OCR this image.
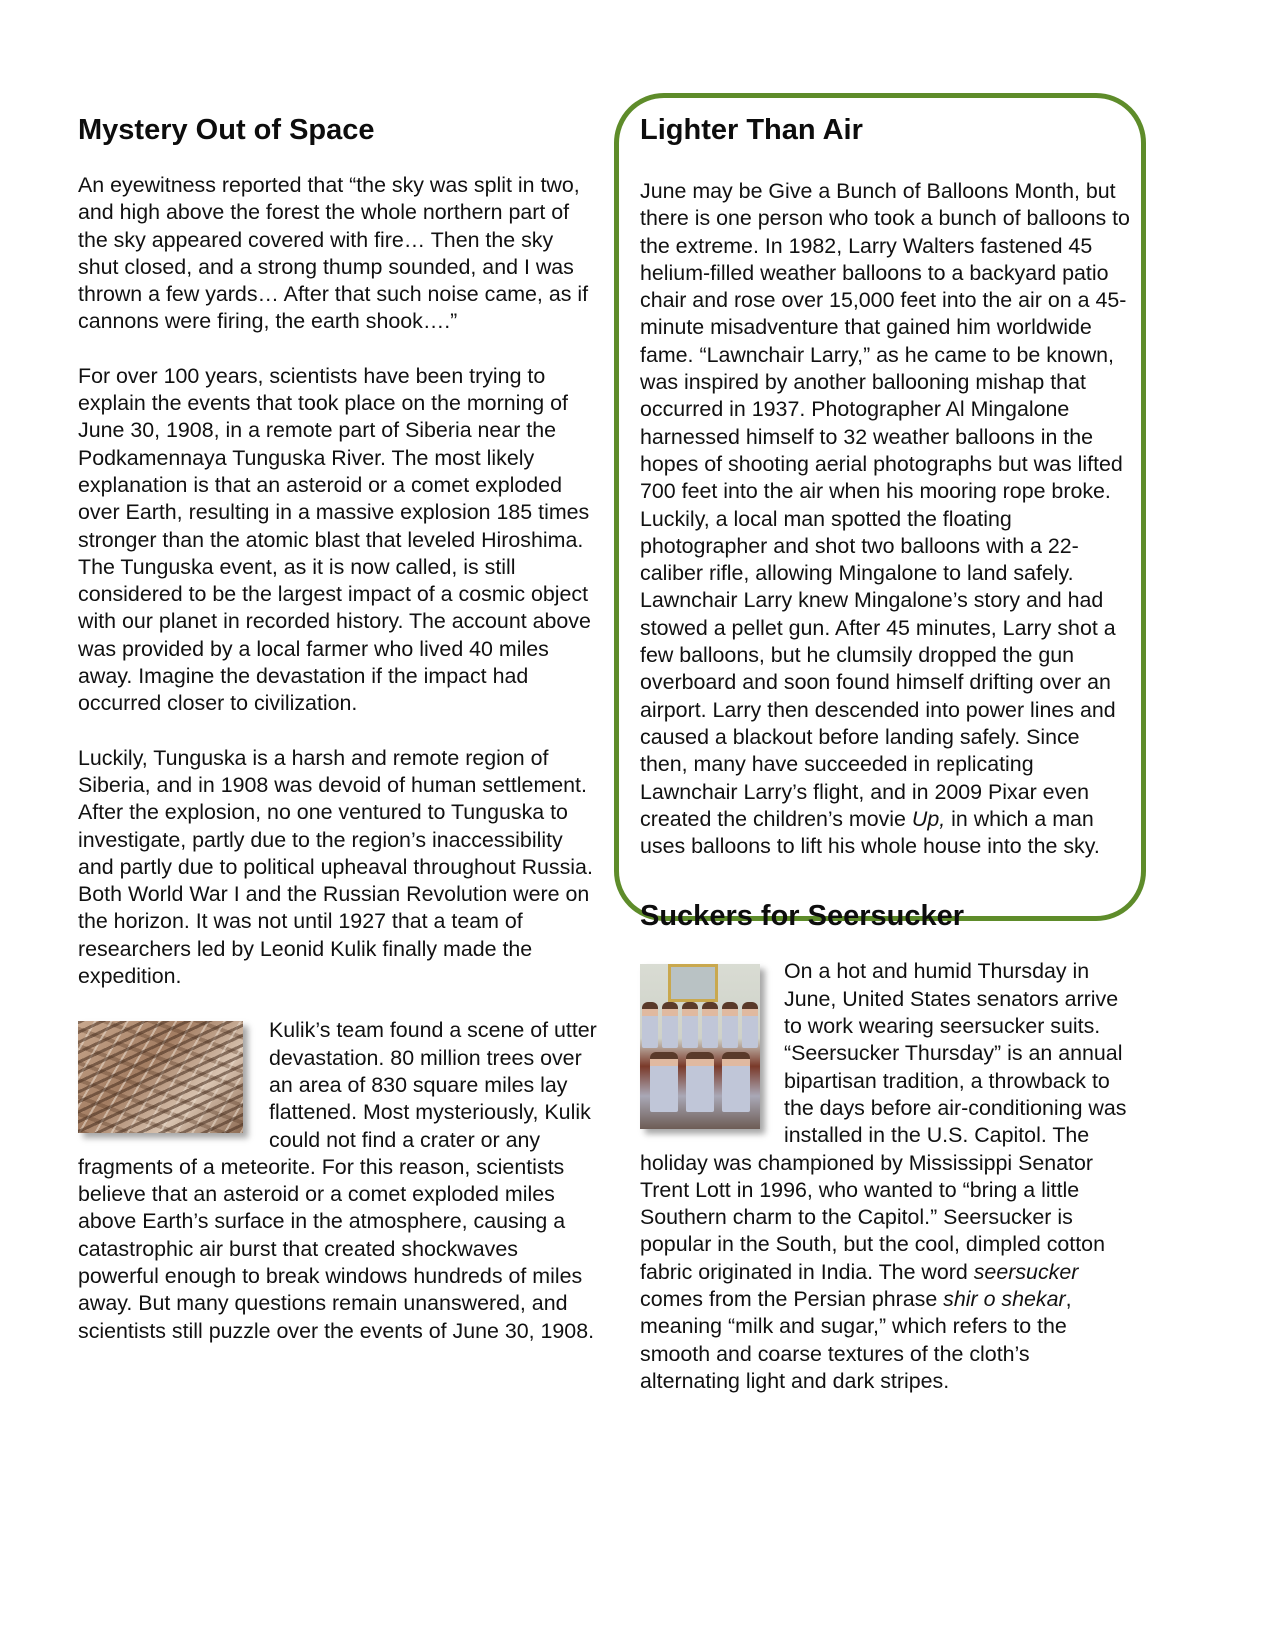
Mystery Out of Space

An eyewitness reported that “the sky was split in two, and high above the forest the whole northern part of the sky appeared covered with fire… Then the sky shut closed, and a strong thump sounded, and I was thrown a few yards… After that such noise came, as if cannons were firing, the earth shook….”

For over 100 years, scientists have been trying to explain the events that took place on the morning of June 30, 1908, in a remote part of Siberia near the Podkamennaya Tunguska River. The most likely explanation is that an asteroid or a comet exploded over Earth, resulting in a massive explosion 185 times stronger than the atomic blast that leveled Hiroshima. The Tunguska event, as it is now called, is still considered to be the largest impact of a cosmic object with our planet in recorded history. The account above was provided by a local farmer who lived 40 miles away. Imagine the devastation if the impact had occurred closer to civilization.

Luckily, Tunguska is a harsh and remote region of Siberia, and in 1908 was devoid of human settlement. After the explosion, no one ventured to Tunguska to investigate, partly due to the region’s inaccessibility and partly due to political upheaval throughout Russia. Both World War I and the Russian Revolution were on the horizon. It was not until 1927 that a team of researchers led by Leonid Kulik finally made the expedition.

Kulik’s team found a scene of utter devastation. 80 million trees over an area of 830 square miles lay flattened. Most mysteriously, Kulik could not find a crater or any fragments of a meteorite. For this reason, scientists believe that an asteroid or a comet exploded miles above Earth’s surface in the atmosphere, causing a catastrophic air burst that created shockwaves powerful enough to break windows hundreds of miles away. But many questions remain unanswered, and scientists still puzzle over the events of June 30, 1908.

Lighter Than Air

June may be Give a Bunch of Balloons Month, but there is one person who took a bunch of balloons to the extreme. In 1982, Larry Walters fastened 45 helium-filled weather balloons to a backyard patio chair and rose over 15,000 feet into the air on a 45-minute misadventure that gained him worldwide fame. “Lawnchair Larry,” as he came to be known, was inspired by another ballooning mishap that occurred in 1937. Photographer Al Mingalone harnessed himself to 32 weather balloons in the hopes of shooting aerial photographs but was lifted 700 feet into the air when his mooring rope broke. Luckily, a local man spotted the floating photographer and shot two balloons with a 22-caliber rifle, allowing Mingalone to land safely. Lawnchair Larry knew Mingalone’s story and had stowed a pellet gun. After 45 minutes, Larry shot a few balloons, but he clumsily dropped the gun overboard and soon found himself drifting over an airport. Larry then descended into power lines and caused a blackout before landing safely. Since then, many have succeeded in replicating Lawnchair Larry’s flight, and in 2009 Pixar even created the children’s movie Up, in which a man uses balloons to lift his whole house into the sky.

Suckers for Seersucker

On a hot and humid Thursday in June, United States senators arrive to work wearing seersucker suits. “Seersucker Thursday” is an annual bipartisan tradition, a throwback to the days before air-conditioning was installed in the U.S. Capitol. The holiday was championed by Mississippi Senator Trent Lott in 1996, who wanted to “bring a little Southern charm to the Capitol.” Seersucker is popular in the South, but the cool, dimpled cotton fabric originated in India. The word seersucker comes from the Persian phrase shir o shekar, meaning “milk and sugar,” which refers to the smooth and coarse textures of the cloth’s alternating light and dark stripes.
